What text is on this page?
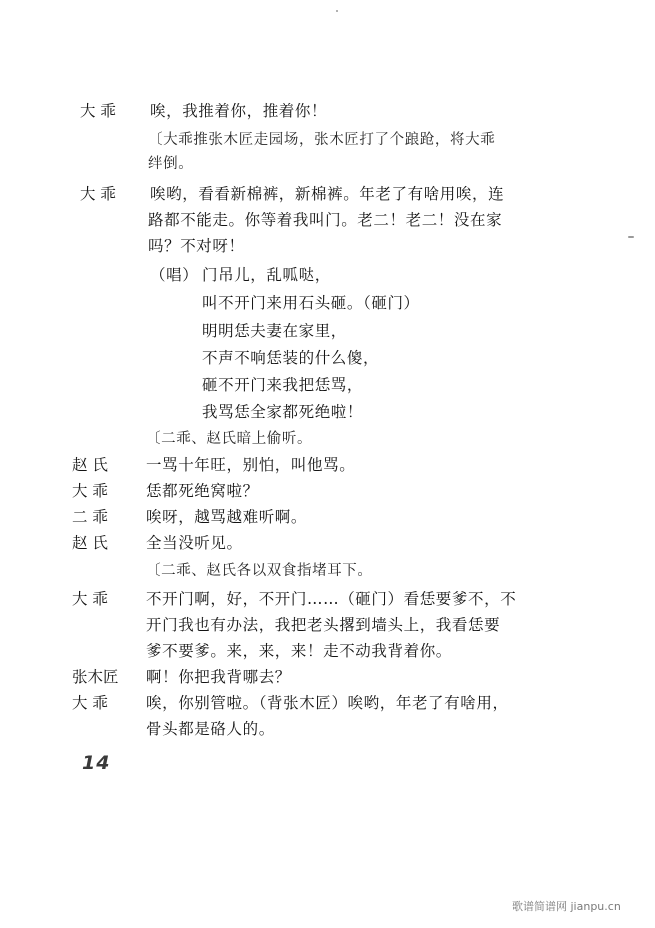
大 乖 唉，我推着你，推着你！
〔大乖推张木匠走园场，张木匠打了个踉跄，将大乖
绊倒。
大 乖 唉哟，看看新棉裤，新棉裤。年老了有啥用唉，连
路都不能走。你等着我叫门。老二！老二！没在家
吗？不对呀！
（唱） 门吊儿，乱呱哒，
叫不开门来用石头砸。（砸门）
明明恁夫妻在家里，
不声不响恁装的什么傻，
砸不开门来我把恁骂，
我骂恁全家都死绝啦！
〔二乖、赵氏暗上偷听。
赵 氏 一骂十年旺，别怕，叫他骂。
大 乖 恁都死绝窝啦？
二 乖 唉呀，越骂越难听啊。
赵 氏 全当没听见。
〔二乖、赵氏各以双食指堵耳下。
大 乖 不开门啊，好，不开门……（砸门）看恁要爹不，不
开门我也有办法，我把老头撂到墙头上，我看恁要
爹不要爹。来，来，来！走不动我背着你。
张木匠 啊！你把我背哪去？
大 乖 唉，你别管啦。（背张木匠）唉哟，年老了有啥用，
骨头都是硌人的。
14
歌谱简谱网 jianpu.cn
